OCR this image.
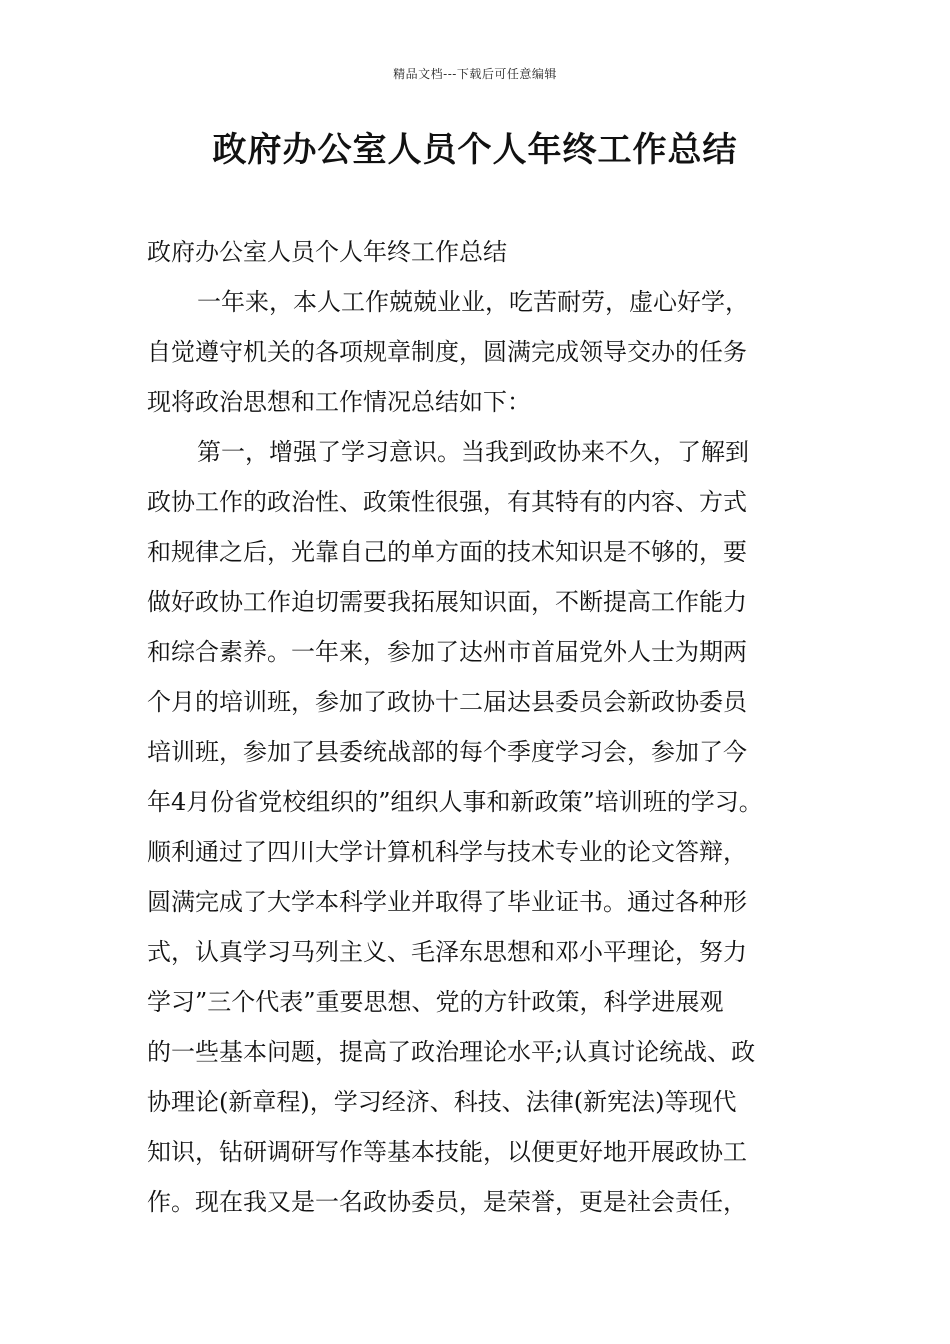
精品文档---下载后可任意编辑
政府办公室人员个人年终工作总结
政府办公室人员个人年终工作总结
一年来，本人工作兢兢业业，吃苦耐劳，虚心好学，
自觉遵守机关的各项规章制度，圆满完成领导交办的任务
现将政治思想和工作情况总结如下：
第一，增强了学习意识。当我到政协来不久，了解到
政协工作的政治性、政策性很强，有其特有的内容、方式
和规律之后，光靠自己的单方面的技术知识是不够的，要
做好政协工作迫切需要我拓展知识面，不断提高工作能力
和综合素养。一年来，参加了达州市首届党外人士为期两
个月的培训班，参加了政协十二届达县委员会新政协委员
培训班，参加了县委统战部的每个季度学习会，参加了今
年4月份省党校组织的”组织人事和新政策”培训班的学习。
顺利通过了四川大学计算机科学与技术专业的论文答辩，
圆满完成了大学本科学业并取得了毕业证书。通过各种形
式，认真学习马列主义、毛泽东思想和邓小平理论，努力
学习”三个代表”重要思想、党的方针政策，科学进展观
的一些基本问题，提高了政治理论水平;认真讨论统战、政
协理论(新章程)，学习经济、科技、法律(新宪法)等现代
知识，钻研调研写作等基本技能，以便更好地开展政协工
作。现在我又是一名政协委员，是荣誉，更是社会责任，
